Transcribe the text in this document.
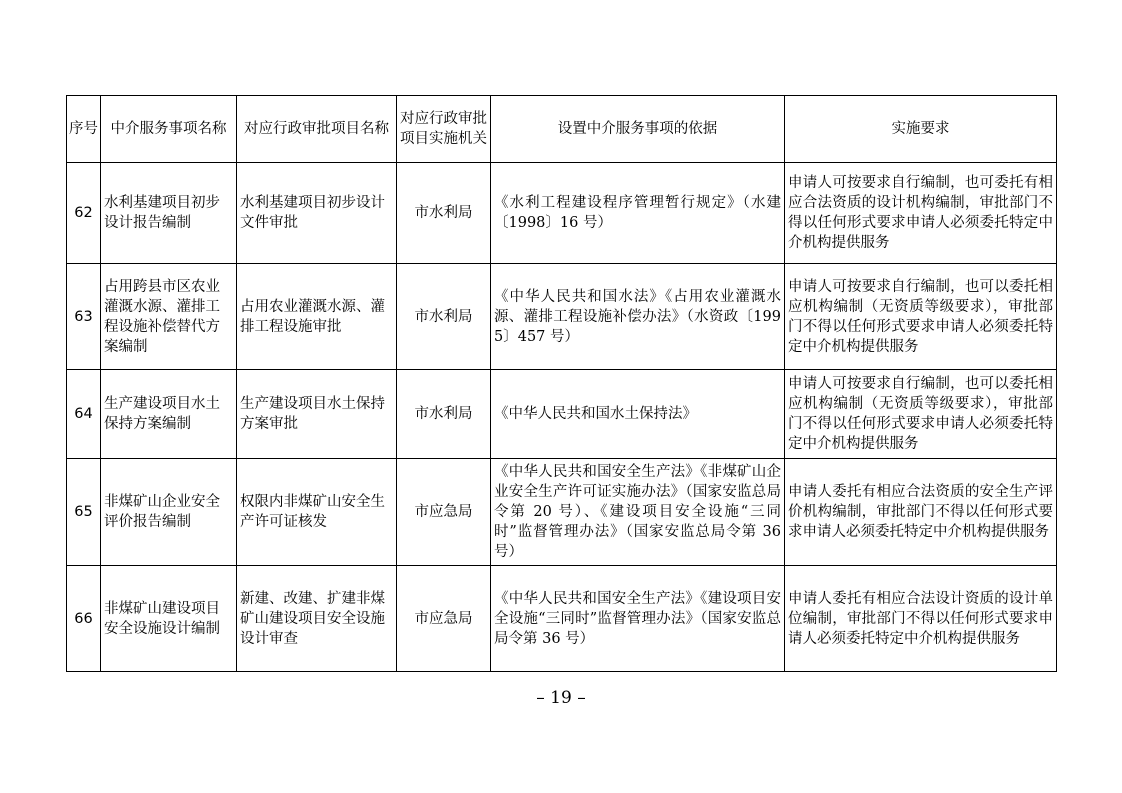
序号	中介服务事项名称	对应行政审批项目名称	对应行政审批项目实施机关	设置中介服务事项的依据	实施要求
62	水利基建项目初步设计报告编制	水利基建项目初步设计文件审批	市水利局	《水利工程建设程序管理暂行规定》（水建〔1998〕16 号）	申请人可按要求自行编制，也可委托有相应合法资质的设计机构编制，审批部门不得以任何形式要求申请人必须委托特定中介机构提供服务
63	占用跨县市区农业灌溉水源、灌排工程设施补偿替代方案编制	占用农业灌溉水源、灌排工程设施审批	市水利局	《中华人民共和国水法》《占用农业灌溉水源、灌排工程设施补偿办法》（水资政〔1995〕457 号）	申请人可按要求自行编制，也可以委托相应机构编制（无资质等级要求），审批部门不得以任何形式要求申请人必须委托特定中介机构提供服务
64	生产建设项目水土保持方案编制	生产建设项目水土保持方案审批	市水利局	《中华人民共和国水土保持法》	申请人可按要求自行编制，也可以委托相应机构编制（无资质等级要求），审批部门不得以任何形式要求申请人必须委托特定中介机构提供服务
65	非煤矿山企业安全评价报告编制	权限内非煤矿山安全生产许可证核发	市应急局	《中华人民共和国安全生产法》《非煤矿山企业安全生产许可证实施办法》（国家安监总局令第 20 号）、《建设项目安全设施“三同时”监督管理办法》（国家安监总局令第 36 号）	申请人委托有相应合法资质的安全生产评价机构编制，审批部门不得以任何形式要求申请人必须委托特定中介机构提供服务
66	非煤矿山建设项目安全设施设计编制	新建、改建、扩建非煤矿山建设项目安全设施设计审查	市应急局	《中华人民共和国安全生产法》《建设项目安全设施“三同时”监督管理办法》（国家安监总局令第 36 号）	申请人委托有相应合法设计资质的设计单位编制，审批部门不得以任何形式要求申请人必须委托特定中介机构提供服务
– 19 –
